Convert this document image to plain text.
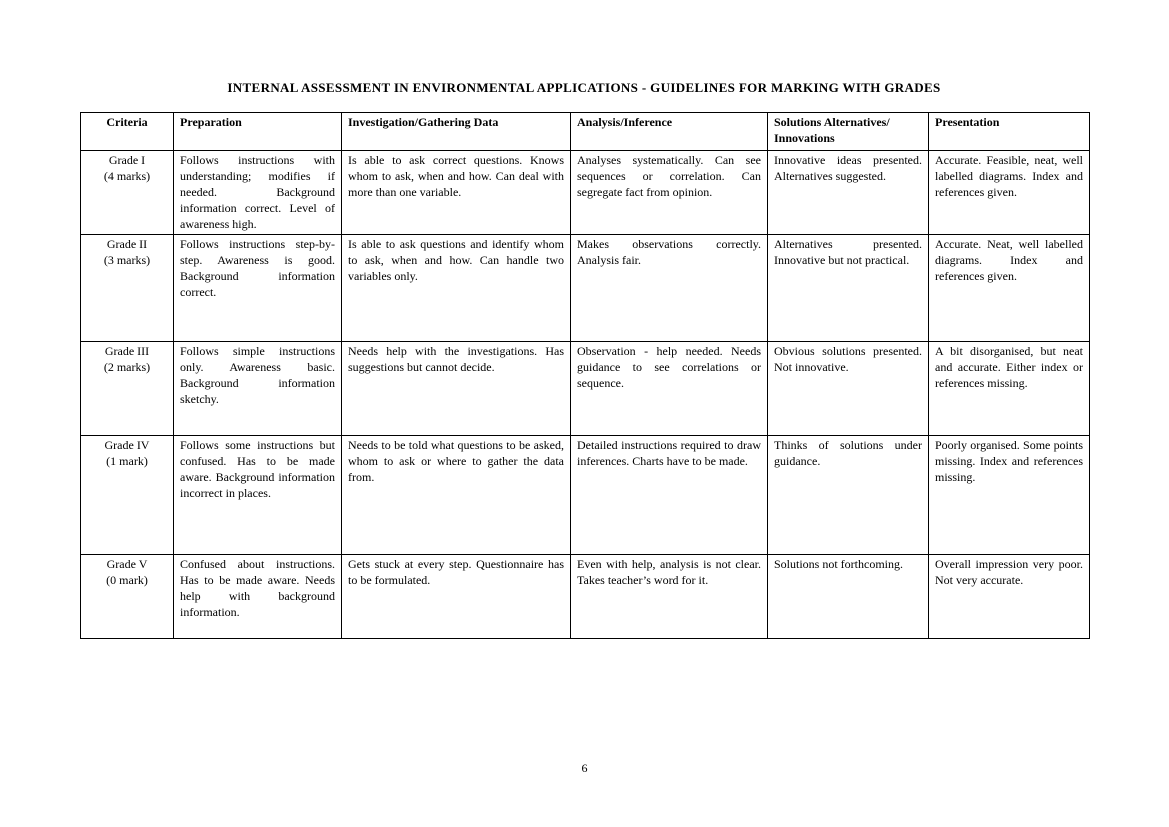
INTERNAL ASSESSMENT IN ENVIRONMENTAL APPLICATIONS - GUIDELINES FOR MARKING WITH GRADES
Criteria	Preparation	Investigation/Gathering Data	Analysis/Inference	Solutions Alternatives/ Innovations	Presentation

Grade I
(4 marks)	Follows instructions with understanding; modifies if needed. Background information correct. Level of awareness high.	Is able to ask correct questions. Knows whom to ask, when and how. Can deal with more than one variable.	Analyses systematically. Can see sequences or correlation. Can segregate fact from opinion.	Innovative ideas presented. Alternatives suggested.	Accurate. Feasible, neat, well labelled diagrams. Index and references given.

Grade II
(3 marks)	Follows instructions step-by-step. Awareness is good. Background information correct.	Is able to ask questions and identify whom to ask, when and how. Can handle two variables only.	Makes observations correctly. Analysis fair.	Alternatives presented. Innovative but not practical.	Accurate. Neat, well labelled diagrams. Index and references given.

Grade III
(2 marks)	Follows simple instructions only. Awareness basic. Background information sketchy.	Needs help with the investigations. Has suggestions but cannot decide.	Observation - help needed. Needs guidance to see correlations or sequence.	Obvious solutions presented. Not innovative.	A bit disorganised, but neat and accurate. Either index or references missing.

Grade IV
(1 mark)	Follows some instructions but confused. Has to be made aware. Background information incorrect in places.	Needs to be told what questions to be asked, whom to ask or where to gather the data from.	Detailed instructions required to draw inferences. Charts have to be made.	Thinks of solutions under guidance.	Poorly organised. Some points missing. Index and references missing.

Grade V
(0 mark)	Confused about instructions. Has to be made aware. Needs help with background information.	Gets stuck at every step. Questionnaire has to be formulated.	Even with help, analysis is not clear. Takes teacher’s word for it.	Solutions not forthcoming.	Overall impression very poor. Not very accurate.
6
